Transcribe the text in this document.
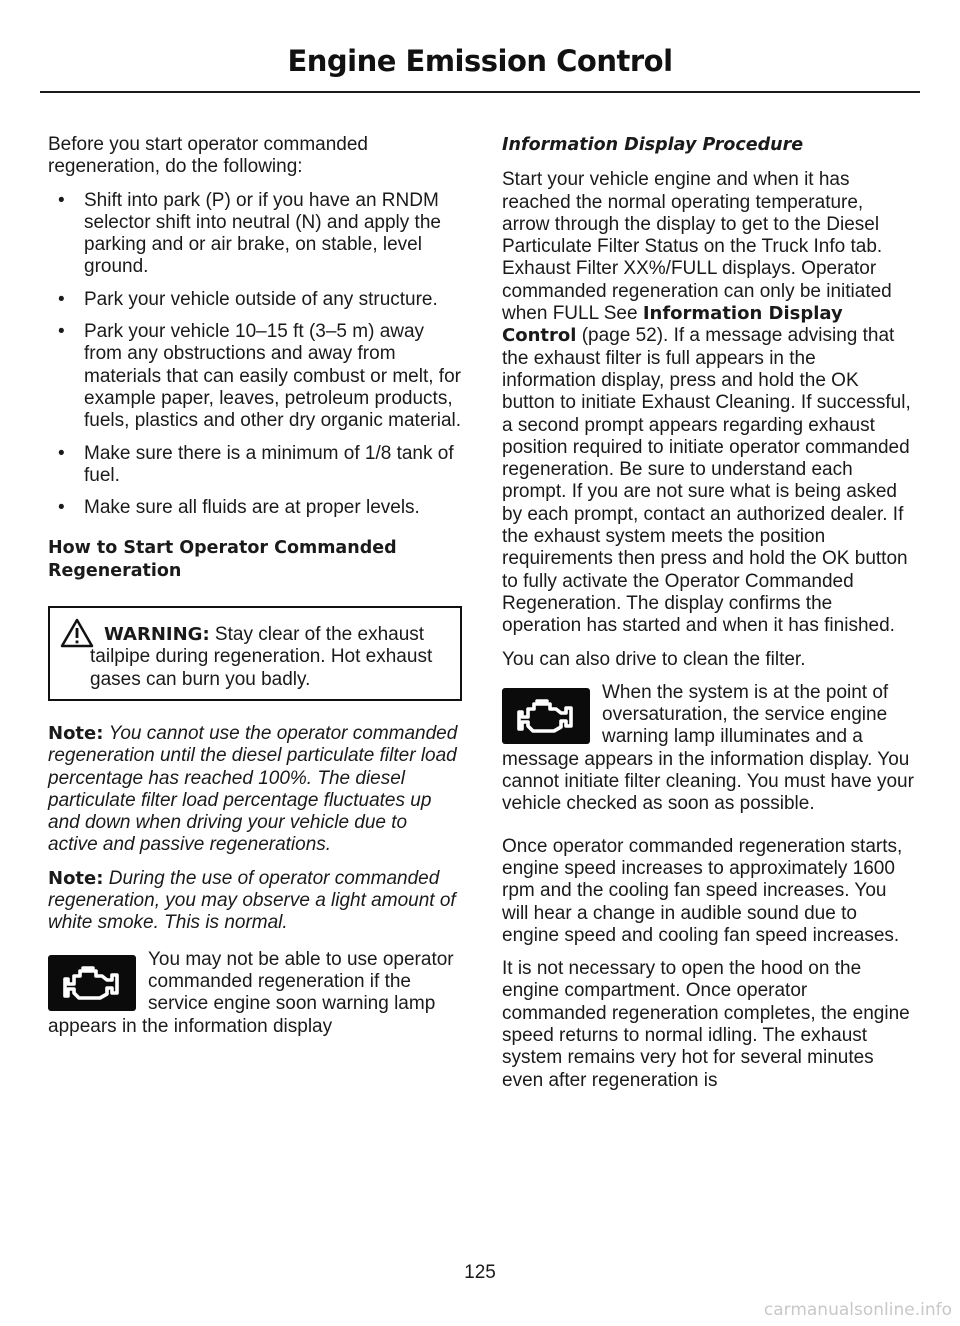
Engine Emission Control

Before you start operator commanded regeneration, do the following:

• Shift into park (P) or if you have an RNDM selector shift into neutral (N) and apply the parking and or air brake, on stable, level ground.
• Park your vehicle outside of any structure.
• Park your vehicle 10–15 ft (3–5 m) away from any obstructions and away from materials that can easily combust or melt, for example paper, leaves, petroleum products, fuels, plastics and other dry organic material.
• Make sure there is a minimum of 1/8 tank of fuel.
• Make sure all fluids are at proper levels.
How to Start Operator Commanded Regeneration
WARNING: Stay clear of the exhaust tailpipe during regeneration. Hot exhaust gases can burn you badly.

Note: You cannot use the operator commanded regeneration until the diesel particulate filter load percentage has reached 100%. The diesel particulate filter load percentage fluctuates up and down when driving your vehicle due to active and passive regenerations.

Note: During the use of operator commanded regeneration, you may observe a light amount of white smoke. This is normal.

You may not be able to use operator commanded regeneration if the service engine soon warning lamp appears in the information display
Information Display Procedure

Start your vehicle engine and when it has reached the normal operating temperature, arrow through the display to get to the Diesel Particulate Filter Status on the Truck Info tab. Exhaust Filter XX%/FULL displays. Operator commanded regeneration can only be initiated when FULL See Information Display Control (page 52). If a message advising that the exhaust filter is full appears in the information display, press and hold the OK button to initiate Exhaust Cleaning. If successful, a second prompt appears regarding exhaust position required to initiate operator commanded regeneration. Be sure to understand each prompt. If you are not sure what is being asked by each prompt, contact an authorized dealer. If the exhaust system meets the position requirements then press and hold the OK button to fully activate the Operator Commanded Regeneration. The display confirms the operation has started and when it has finished.

You can also drive to clean the filter.

When the system is at the point of oversaturation, the service engine warning lamp illuminates and a message appears in the information display. You cannot initiate filter cleaning. You must have your vehicle checked as soon as possible.

Once operator commanded regeneration starts, engine speed increases to approximately 1600 rpm and the cooling fan speed increases. You will hear a change in audible sound due to engine speed and cooling fan speed increases.

It is not necessary to open the hood on the engine compartment. Once operator commanded regeneration completes, the engine speed returns to normal idling. The exhaust system remains very hot for several minutes even after regeneration is

125
carmanualsonline.info
